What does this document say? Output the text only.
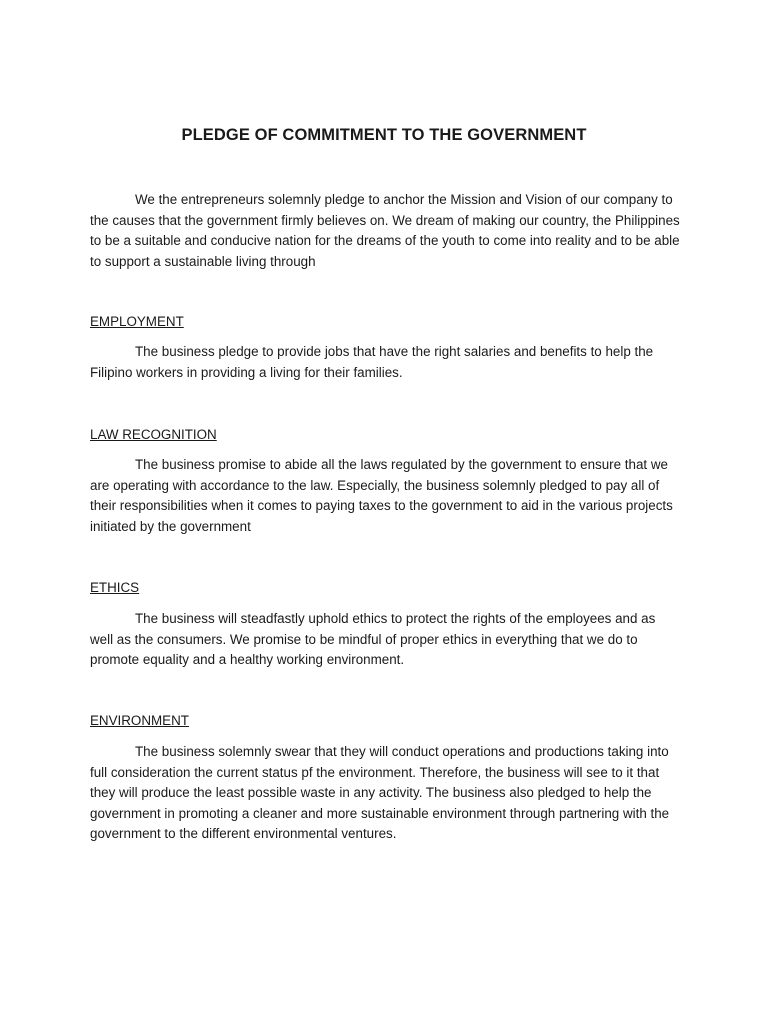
PLEDGE OF COMMITMENT TO THE GOVERNMENT

We the entrepreneurs solemnly pledge to anchor the Mission and Vision of our company to the causes that the government firmly believes on. We dream of making our country, the Philippines to be a suitable and conducive nation for the dreams of the youth to come into reality and to be able to support a sustainable living through

EMPLOYMENT

The business pledge to provide jobs that have the right salaries and benefits to help the Filipino workers in providing a living for their families.

LAW RECOGNITION

The business promise to abide all the laws regulated by the government to ensure that we are operating with accordance to the law. Especially, the business solemnly pledged to pay all of their responsibilities when it comes to paying taxes to the government to aid in the various projects initiated by the government

ETHICS

The business will steadfastly uphold ethics to protect the rights of the employees and as well as the consumers. We promise to be mindful of proper ethics in everything that we do to promote equality and a healthy working environment.

ENVIRONMENT

The business solemnly swear that they will conduct operations and productions taking into full consideration the current status pf the environment. Therefore, the business will see to it that they will produce the least possible waste in any activity. The business also pledged to help the government in promoting a cleaner and more sustainable environment through partnering with the government to the different environmental ventures.
